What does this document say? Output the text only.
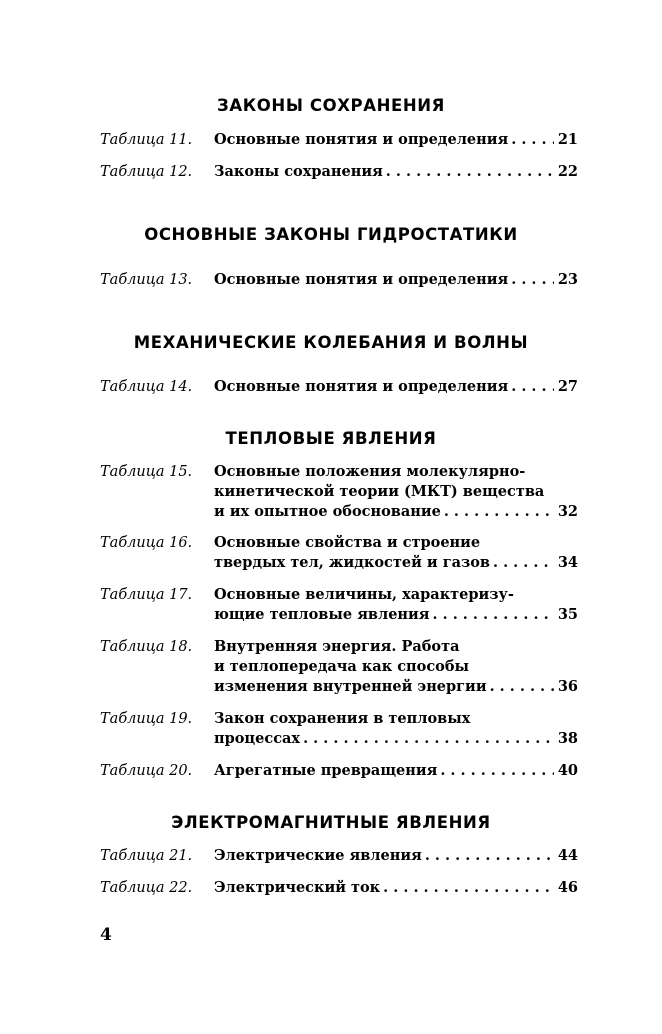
ЗАКОНЫ СОХРАНЕНИЯ
Таблица 11. Основные понятия и определения . . .	21
Таблица 12. Законы сохранения . . .	22
ОСНОВНЫЕ ЗАКОНЫ ГИДРОСТАТИКИ
Таблица 13. Основные понятия и определения . . .	23
МЕХАНИЧЕСКИЕ КОЛЕБАНИЯ И ВОЛНЫ
Таблица 14. Основные понятия и определения . . .	27
ТЕПЛОВЫЕ ЯВЛЕНИЯ
Таблица 15. Основные положения молекулярно-
кинетической теории (МКТ) вещества
и их опытное обоснование . . .	32
Таблица 16. Основные свойства и строение
твердых тел, жидкостей и газов . . .	34
Таблица 17. Основные величины, характеризу-
ющие тепловые явления . . .	35
Таблица 18. Внутренняя энергия. Работа
и теплопередача как способы
изменения внутренней энергии . . .	36
Таблица 19. Закон сохранения в тепловых
процессах . . .	38
Таблица 20. Агрегатные превращения . . .	40
ЭЛЕКТРОМАГНИТНЫЕ ЯВЛЕНИЯ
Таблица 21. Электрические явления . . .	44
Таблица 22. Электрический ток . . .	46
4
